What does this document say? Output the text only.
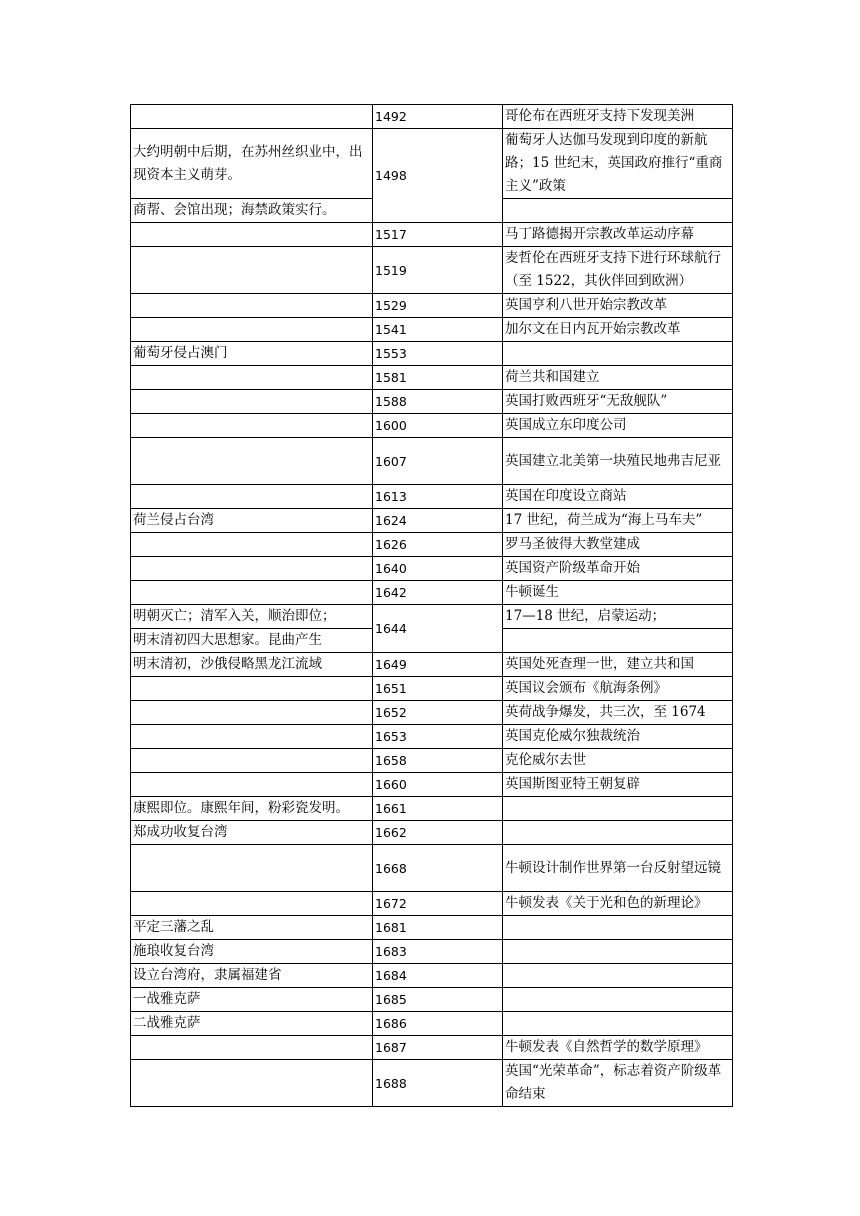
	1492	哥伦布在西班牙支持下发现美洲
大约明朝中后期，在苏州丝织业中，出现资本主义萌芽。	1498	葡萄牙人达伽马发现到印度的新航路；15 世纪末，英国政府推行“重商主义”政策
商帮、会馆出现；海禁政策实行。		
	1517	马丁路德揭开宗教改革运动序幕
	1519	麦哲伦在西班牙支持下进行环球航行（至 1522，其伙伴回到欧洲）
	1529	英国亨利八世开始宗教改革
	1541	加尔文在日内瓦开始宗教改革
葡萄牙侵占澳门	1553	
	1581	荷兰共和国建立
	1588	英国打败西班牙“无敌舰队”
	1600	英国成立东印度公司
	1607	英国建立北美第一块殖民地弗吉尼亚
	1613	英国在印度设立商站
荷兰侵占台湾	1624	17 世纪，荷兰成为“海上马车夫”
	1626	罗马圣彼得大教堂建成
	1640	英国资产阶级革命开始
	1642	牛顿诞生
明朝灭亡；清军入关，顺治即位；	1644	17—18 世纪，启蒙运动；
明末清初四大思想家。昆曲产生		
明末清初，沙俄侵略黑龙江流域	1649	英国处死查理一世，建立共和国
	1651	英国议会颁布《航海条例》
	1652	英荷战争爆发，共三次，至 1674
	1653	英国克伦威尔独裁统治
	1658	克伦威尔去世
	1660	英国斯图亚特王朝复辟
康熙即位。康熙年间，粉彩瓷发明。	1661	
郑成功收复台湾	1662	
	1668	牛顿设计制作世界第一台反射望远镜
	1672	牛顿发表《关于光和色的新理论》
平定三藩之乱	1681	
施琅收复台湾	1683	
设立台湾府，隶属福建省	1684	
一战雅克萨	1685	
二战雅克萨	1686	
	1687	牛顿发表《自然哲学的数学原理》
	1688	英国“光荣革命”，标志着资产阶级革命结束
